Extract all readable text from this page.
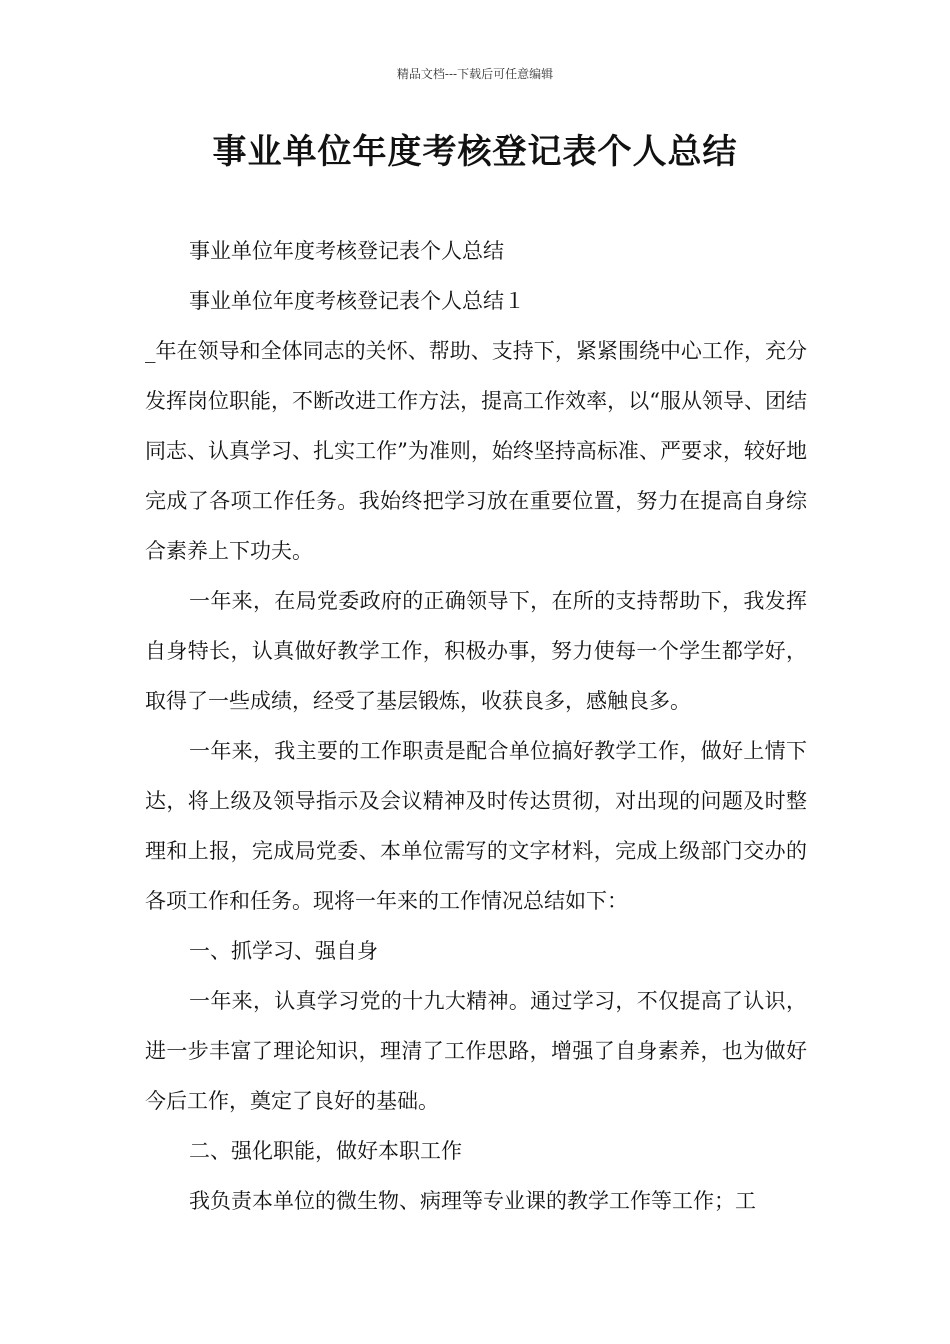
精品文档---下载后可任意编辑
事业单位年度考核登记表个人总结

事业单位年度考核登记表个人总结

事业单位年度考核登记表个人总结１

_年在领导和全体同志的关怀、帮助、支持下，紧紧围绕中心工作，充分发挥岗位职能，不断改进工作方法，提高工作效率，以“服从领导、团结同志、认真学习、扎实工作”为准则，始终坚持高标准、严要求，较好地完成了各项工作任务。我始终把学习放在重要位置，努力在提高自身综合素养上下功夫。

一年来，在局党委政府的正确领导下，在所的支持帮助下，我发挥自身特长，认真做好教学工作，积极办事，努力使每一个学生都学好，取得了一些成绩，经受了基层锻炼，收获良多，感触良多。

一年来，我主要的工作职责是配合单位搞好教学工作，做好上情下达，将上级及领导指示及会议精神及时传达贯彻，对出现的问题及时整理和上报，完成局党委、本单位需写的文字材料，完成上级部门交办的各项工作和任务。现将一年来的工作情况总结如下：

一、抓学习、强自身

一年来，认真学习党的十九大精神。通过学习，不仅提高了认识，进一步丰富了理论知识，理清了工作思路，增强了自身素养，也为做好今后工作，奠定了良好的基础。

二、强化职能，做好本职工作

我负责本单位的微生物、病理等专业课的教学工作等工作；工
